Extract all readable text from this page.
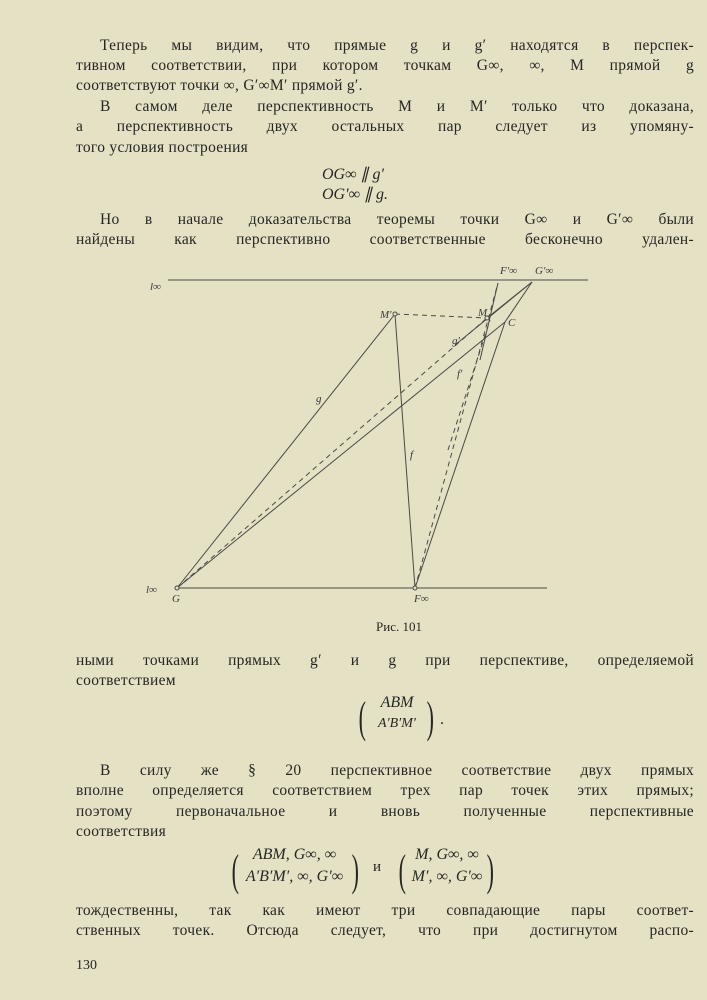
Теперь мы видим, что прямые g и g′ находятся в перспек-
тивном соответствии, при котором точкам G∞, ∞, M прямой g
соответствуют точки ∞, G′∞M′ прямой g′.
В самом деле перспективность M и M′ только что доказана,
а перспективность двух остальных пар следует из упомяну-
того условия построения
OG∞ ∥ g′
OG′∞ ∥ g.
Но в начале доказательства теоремы точки G∞ и G′∞ были
найдены как перспективно соответственные бесконечно удален-
l∞
l∞
F′∞ G′∞
M′	M
C
G	F∞
g
g′
f
f′
Рис. 101
ными точками прямых g′ и g при перспективе, определяемой
соответствием
( ABM
A′B′M′ ) .
В силу же § 20 перспективное соответствие двух прямых
вполне определяется соответствием трех пар точек этих прямых;
поэтому первоначальное и вновь полученные перспективные
соответствия
( ABM, G∞, ∞
A′B′M′, ∞, G′∞ ) и ( M, G∞, ∞
M′, ∞, G′∞ )
тождественны, так как имеют три совпадающие пары соответ-
ственных точек. Отсюда следует, что при достигнутом распо-
130
